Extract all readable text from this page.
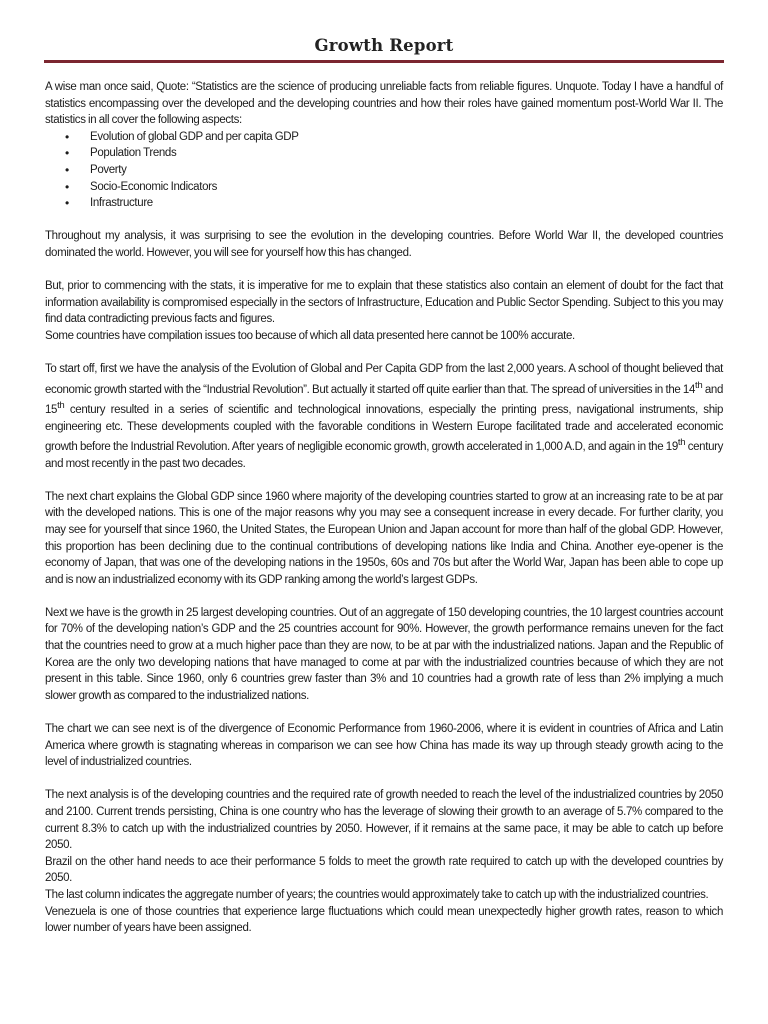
Growth Report

A wise man once said, Quote: “Statistics are the science of producing unreliable facts from reliable figures. Unquote. Today I have a handful of statistics encompassing over the developed and the developing countries and how their roles have gained momentum post-World War II. The statistics in all cover the following aspects:

• Evolution of global GDP and per capita GDP
• Population Trends
• Poverty
• Socio-Economic Indicators
• Infrastructure

Throughout my analysis, it was surprising to see the evolution in the developing countries. Before World War II, the developed countries dominated the world. However, you will see for yourself how this has changed.

But, prior to commencing with the stats, it is imperative for me to explain that these statistics also contain an element of doubt for the fact that information availability is compromised especially in the sectors of Infrastructure, Education and Public Sector Spending. Subject to this you may find data contradicting previous facts and figures.

Some countries have compilation issues too because of which all data presented here cannot be 100% accurate.

To start off, first we have the analysis of the Evolution of Global and Per Capita GDP from the last 2,000 years. A school of thought believed that economic growth started with the “Industrial Revolution”. But actually it started off quite earlier than that. The spread of universities in the 14th and 15th century resulted in a series of scientific and technological innovations, especially the printing press, navigational instruments, ship engineering etc. These developments coupled with the favorable conditions in Western Europe facilitated trade and accelerated economic growth before the Industrial Revolution. After years of negligible economic growth, growth accelerated in 1,000 A.D, and again in the 19th century and most recently in the past two decades.

The next chart explains the Global GDP since 1960 where majority of the developing countries started to grow at an increasing rate to be at par with the developed nations. This is one of the major reasons why you may see a consequent increase in every decade. For further clarity, you may see for yourself that since 1960, the United States, the European Union and Japan account for more than half of the global GDP. However, this proportion has been declining due to the continual contributions of developing nations like India and China. Another eye-opener is the economy of Japan, that was one of the developing nations in the 1950s, 60s and 70s but after the World War, Japan has been able to cope up and is now an industrialized economy with its GDP ranking among the world’s largest GDPs.

Next we have is the growth in 25 largest developing countries. Out of an aggregate of 150 developing countries, the 10 largest countries account for 70% of the developing nation’s GDP and the 25 countries account for 90%. However, the growth performance remains uneven for the fact that the countries need to grow at a much higher pace than they are now, to be at par with the industrialized nations. Japan and the Republic of Korea are the only two developing nations that have managed to come at par with the industrialized countries because of which they are not present in this table. Since 1960, only 6 countries grew faster than 3% and 10 countries had a growth rate of less than 2% implying a much slower growth as compared to the industrialized nations.

The chart we can see next is of the divergence of Economic Performance from 1960-2006, where it is evident in countries of Africa and Latin America where growth is stagnating whereas in comparison we can see how China has made its way up through steady growth acing to the level of industrialized countries.

The next analysis is of the developing countries and the required rate of growth needed to reach the level of the industrialized countries by 2050 and 2100. Current trends persisting, China is one country who has the leverage of slowing their growth to an average of 5.7% compared to the current 8.3% to catch up with the industrialized countries by 2050. However, if it remains at the same pace, it may be able to catch up before 2050.

Brazil on the other hand needs to ace their performance 5 folds to meet the growth rate required to catch up with the developed countries by 2050.

The last column indicates the aggregate number of years; the countries would approximately take to catch up with the industrialized countries.

Venezuela is one of those countries that experience large fluctuations which could mean unexpectedly higher growth rates, reason to which lower number of years have been assigned.
